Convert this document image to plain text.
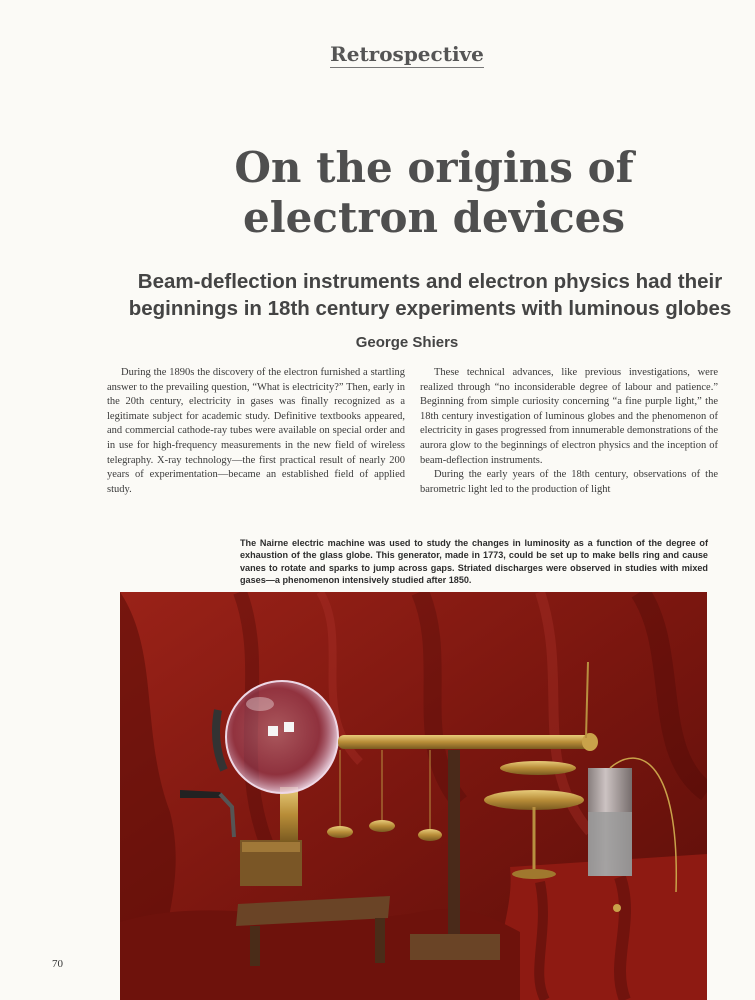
Retrospective
On the origins of
electron devices
Beam-deflection instruments and electron physics had their
beginnings in 18th century experiments with luminous globes
George Shiers

During the 1890s the discovery of the electron furnished a startling answer to the prevailing question, “What is electricity?” Then, early in the 20th century, electricity in gases was finally recognized as a legitimate subject for academic study. Definitive textbooks appeared, and commercial cathode-ray tubes were available on special order and in use for high-frequency measurements in the new field of wireless telegraphy. X-ray technology—the first practical result of nearly 200 years of experimentation—became an established field of applied study.

These technical advances, like previous investigations, were realized through “no inconsiderable degree of labour and patience.” Beginning from simple curiosity concerning “a fine purple light,” the 18th century investigation of luminous globes and the phenomenon of electricity in gases progressed from innumerable demonstrations of the aurora glow to the beginnings of electron physics and the inception of beam-deflection instruments.

During the early years of the 18th century, observations of the barometric light led to the production of light

The Nairne electric machine was used to study the changes in luminosity as a function of the degree of exhaustion of the glass globe. This generator, made in 1773, could be set up to make bells ring and cause vanes to rotate and sparks to jump across gaps. Striated discharges were observed in studies with mixed gases—a phenomenon intensively studied after 1850.
70
